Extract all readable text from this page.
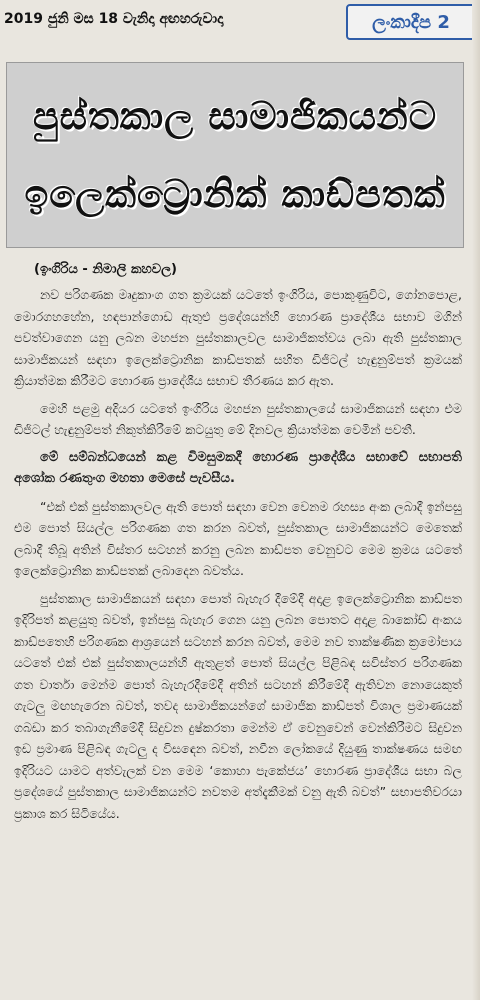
2019 ජුනි මස 18 වැනිදා අඟහරුවාදා	ලංකාදීප 2
පුස්තකාල සාමාජිකයන්ට
ඉලෙක්ට්‍රොනික් කාඩ්පතක්
(ඉංගිරිය - නිමාලි කහවල)

නව පරිගණක මෘදුකාංග ගත ක්‍රමයක් යටතේ ඉංගිරිය, පොකුණුවිට, ගෝනපොළ, මොරගහහේන, හඳපාන්ගොඩ ඇතුළු ප්‍රදේශයන්හි හොරණ ප්‍රාදේශීය සභාව මගින් පවත්වාගෙන යනු ලබන මහජන පුස්තකාලවල සාමාජිකත්වය ලබා ඇති පුස්තකාල සාමාජිකයන් සඳහා ඉලෙක්ට්‍රොනික කාඩ්පතක් සහිත ඩිජිටල් හැඳුනුම්පත් ක්‍රමයක් ක්‍රියාත්මක කිරීමට හොරණ ප්‍රාදේශීය සභාව තීරණය කර ඇත.

මෙහි පළමු අදියර යටතේ ඉංගිරිය මහජන පුස්තකාලයේ සාමාජිකයන් සඳහා එම ඩිජිටල් හැඳුනුම්පත් නිකුත්කිරීමේ කටයුතු මේ දිනවල ක්‍රියාත්මක වෙමින් පවතී.

මේ සම්බන්ධයෙන් කළ විමසුමකදී හොරණ ප්‍රාදේශීය සභාවේ සභාපති අශෝක රණතුංග මහතා මෙසේ පැවසීය.

“එක් එක් පුස්තකාලවල ඇති පොත් සඳහා වෙන වෙනම රහස්‍ය අංක ලබාදී ඉන්පසු එම පොත් සියල්ල පරිගණක ගත කරන බවත්, පුස්තකාල සාමාජිකයන්ට මෙතෙක් ලබාදී තිබූ අතින් විස්තර සටහන් කරනු ලබන කාඩ්පත වෙනුවට මෙම ක්‍රමය යටතේ ඉලෙක්ට්‍රොනික කාඩ්පතක් ලබාදෙන බවත්ය.

පුස්තකාල සාමාජිකයන් සඳහා පොත් බැහැර දීමේදී අදාළ ඉලෙක්ට්‍රොනික කාඩ්පත ඉදිරිපත් කළයුතු බවත්, ඉන්පසු බැහැර ගෙන යනු ලබන පොතට අදාළ බාකෝඩ් අංකය කාඩ්පතෙහි පරිගණක ආශ්‍රයෙන් සටහන් කරන බවත්, මෙම නව තාක්ෂණික ක්‍රමෝපාය යටතේ එක් එක් පුස්තකාලයන්හි ඇතුළත් පොත් සියල්ල පිළිබඳ සවිස්තර පරිගණක ගත වාර්තා මෙන්ම පොත් බැහැරදීමේදී අතින් සටහන් කිරීමේදී ඇතිවන නොයෙකුත් ගැටලු මඟහැරෙන බවත්, තවද සාමාජිකයන්ගේ සාමාජික කාඩ්පත් විශාල ප්‍රමාණයක් ගබඩා කර තබාගැනීමේදී සිදුවන දුෂ්කරතා මෙන්ම ඒ වෙනුවෙන් වෙන්කිරීමට සිදුවන ඉඩ ප්‍රමාණ පිළිබඳ ගැටලු ද විසඳෙන බවත්, නවීන ලෝකයේ දියුණු තාක්ෂණය සමඟ ඉදිරියට යාමට අත්වැලක් වන මෙම ‘කොහා පැකේජය’ හොරණ ප්‍රාදේශීය සභා බල ප්‍රදේශයේ පුස්තකාල සාමාජිකයන්ට නවතම අත්දැකීමක් වනු ඇති බවත්” සභාපතිවරයා ප්‍රකාශ කර සිටියේය.
